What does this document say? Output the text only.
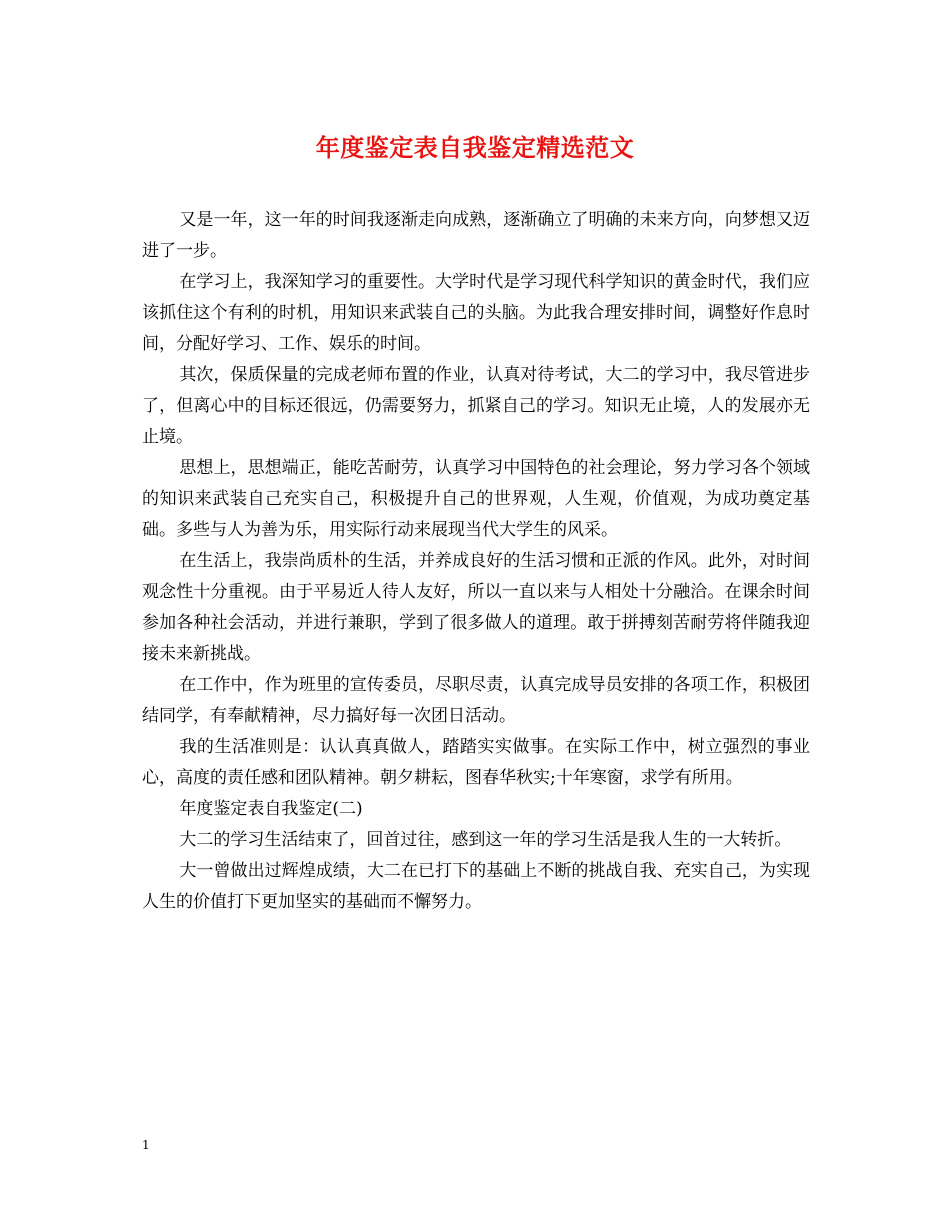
年度鉴定表自我鉴定精选范文

又是一年，这一年的时间我逐渐走向成熟，逐渐确立了明确的未来方向，向梦想又迈进了一步。

在学习上，我深知学习的重要性。大学时代是学习现代科学知识的黄金时代，我们应该抓住这个有利的时机，用知识来武装自己的头脑。为此我合理安排时间，调整好作息时间，分配好学习、工作、娱乐的时间。

其次，保质保量的完成老师布置的作业，认真对待考试，大二的学习中，我尽管进步了，但离心中的目标还很远，仍需要努力，抓紧自己的学习。知识无止境，人的发展亦无止境。

思想上，思想端正，能吃苦耐劳，认真学习中国特色的社会理论，努力学习各个领域的知识来武装自己充实自己，积极提升自己的世界观，人生观，价值观，为成功奠定基础。多些与人为善为乐，用实际行动来展现当代大学生的风采。

在生活上，我崇尚质朴的生活，并养成良好的生活习惯和正派的作风。此外，对时间观念性十分重视。由于平易近人待人友好，所以一直以来与人相处十分融洽。在课余时间参加各种社会活动，并进行兼职，学到了很多做人的道理。敢于拼搏刻苦耐劳将伴随我迎接未来新挑战。

在工作中，作为班里的宣传委员，尽职尽责，认真完成导员安排的各项工作，积极团结同学，有奉献精神，尽力搞好每一次团日活动。

我的生活准则是：认认真真做人，踏踏实实做事。在实际工作中，树立强烈的事业心，高度的责任感和团队精神。朝夕耕耘，图春华秋实;十年寒窗，求学有所用。

年度鉴定表自我鉴定(二)

大二的学习生活结束了，回首过往，感到这一年的学习生活是我人生的一大转折。

大一曾做出过辉煌成绩，大二在已打下的基础上不断的挑战自我、充实自己，为实现人生的价值打下更加坚实的基础而不懈努力。

1
